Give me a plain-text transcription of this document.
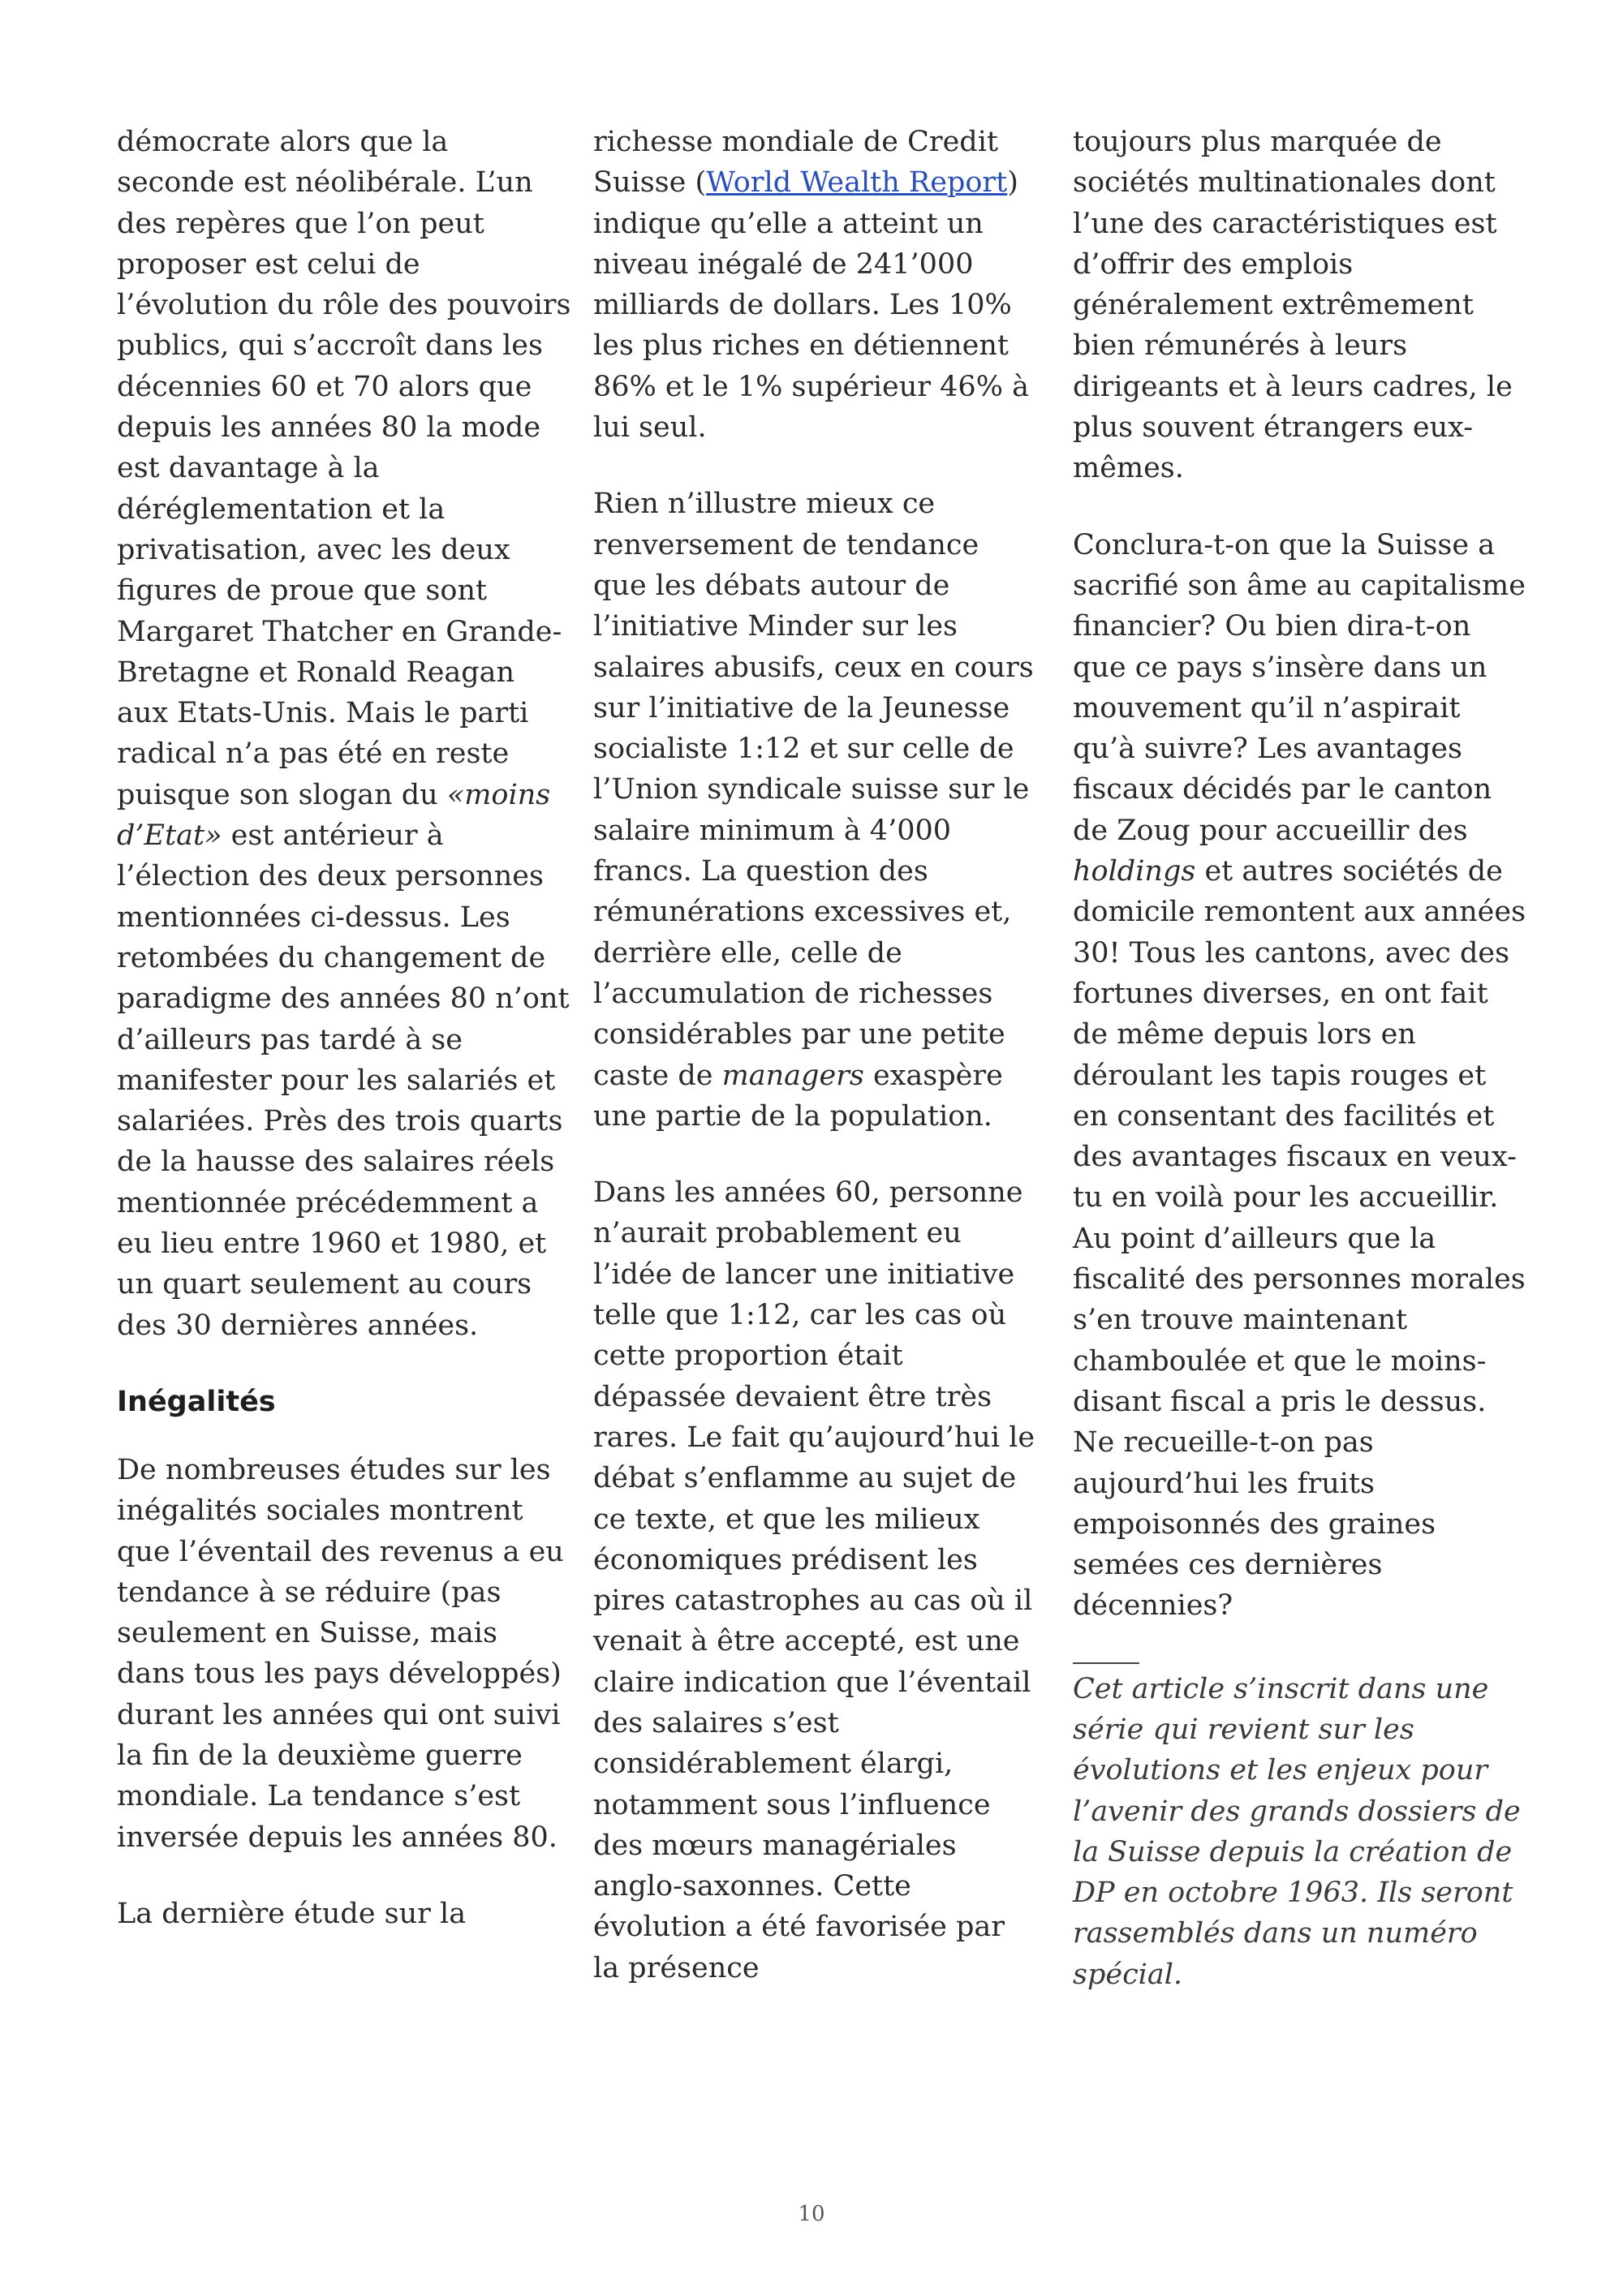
démocrate alors que la seconde est néolibérale. L’un des repères que l’on peut proposer est celui de l’évolution du rôle des pouvoirs publics, qui s’accroît dans les décennies 60 et 70 alors que depuis les années 80 la mode est davantage à la déréglementation et la privatisation, avec les deux figures de proue que sont Margaret Thatcher en Grande-Bretagne et Ronald Reagan aux Etats-Unis. Mais le parti radical n’a pas été en reste puisque son slogan du «moins d’Etat» est antérieur à l’élection des deux personnes mentionnées ci-dessus. Les retombées du changement de paradigme des années 80 n’ont d’ailleurs pas tardé à se manifester pour les salariés et salariées. Près des trois quarts de la hausse des salaires réels mentionnée précédemment a eu lieu entre 1960 et 1980, et un quart seulement au cours des 30 dernières années.

Inégalités

De nombreuses études sur les inégalités sociales montrent que l’éventail des revenus a eu tendance à se réduire (pas seulement en Suisse, mais dans tous les pays développés) durant les années qui ont suivi la fin de la deuxième guerre mondiale. La tendance s’est inversée depuis les années 80.

La dernière étude sur la

richesse mondiale de Credit Suisse (World Wealth Report) indique qu’elle a atteint un niveau inégalé de 241’000 milliards de dollars. Les 10% les plus riches en détiennent 86% et le 1% supérieur 46% à lui seul.

Rien n’illustre mieux ce renversement de tendance que les débats autour de l’initiative Minder sur les salaires abusifs, ceux en cours sur l’initiative de la Jeunesse socialiste 1:12 et sur celle de l’Union syndicale suisse sur le salaire minimum à 4’000 francs. La question des rémunérations excessives et, derrière elle, celle de l’accumulation de richesses considérables par une petite caste de managers exaspère une partie de la population.

Dans les années 60, personne n’aurait probablement eu l’idée de lancer une initiative telle que 1:12, car les cas où cette proportion était dépassée devaient être très rares. Le fait qu’aujourd’hui le débat s’enflamme au sujet de ce texte, et que les milieux économiques prédisent les pires catastrophes au cas où il venait à être accepté, est une claire indication que l’éventail des salaires s’est considérablement élargi, notamment sous l’influence des mœurs managériales anglo-saxonnes. Cette évolution a été favorisée par la présence

toujours plus marquée de sociétés multinationales dont l’une des caractéristiques est d’offrir des emplois généralement extrêmement bien rémunérés à leurs dirigeants et à leurs cadres, le plus souvent étrangers eux-mêmes.

Conclura-t-on que la Suisse a sacrifié son âme au capitalisme financier? Ou bien dira-t-on que ce pays s’insère dans un mouvement qu’il n’aspirait qu’à suivre? Les avantages fiscaux décidés par le canton de Zoug pour accueillir des holdings et autres sociétés de domicile remontent aux années 30! Tous les cantons, avec des fortunes diverses, en ont fait de même depuis lors en déroulant les tapis rouges et en consentant des facilités et des avantages fiscaux en veux-tu en voilà pour les accueillir. Au point d’ailleurs que la fiscalité des personnes morales s’en trouve maintenant chamboulée et que le moins-disant fiscal a pris le dessus. Ne recueille-t-on pas aujourd’hui les fruits empoisonnés des graines semées ces dernières décennies?

Cet article s’inscrit dans une série qui revient sur les évolutions et les enjeux pour l’avenir des grands dossiers de la Suisse depuis la création de DP en octobre 1963. Ils seront rassemblés dans un numéro spécial.

10
